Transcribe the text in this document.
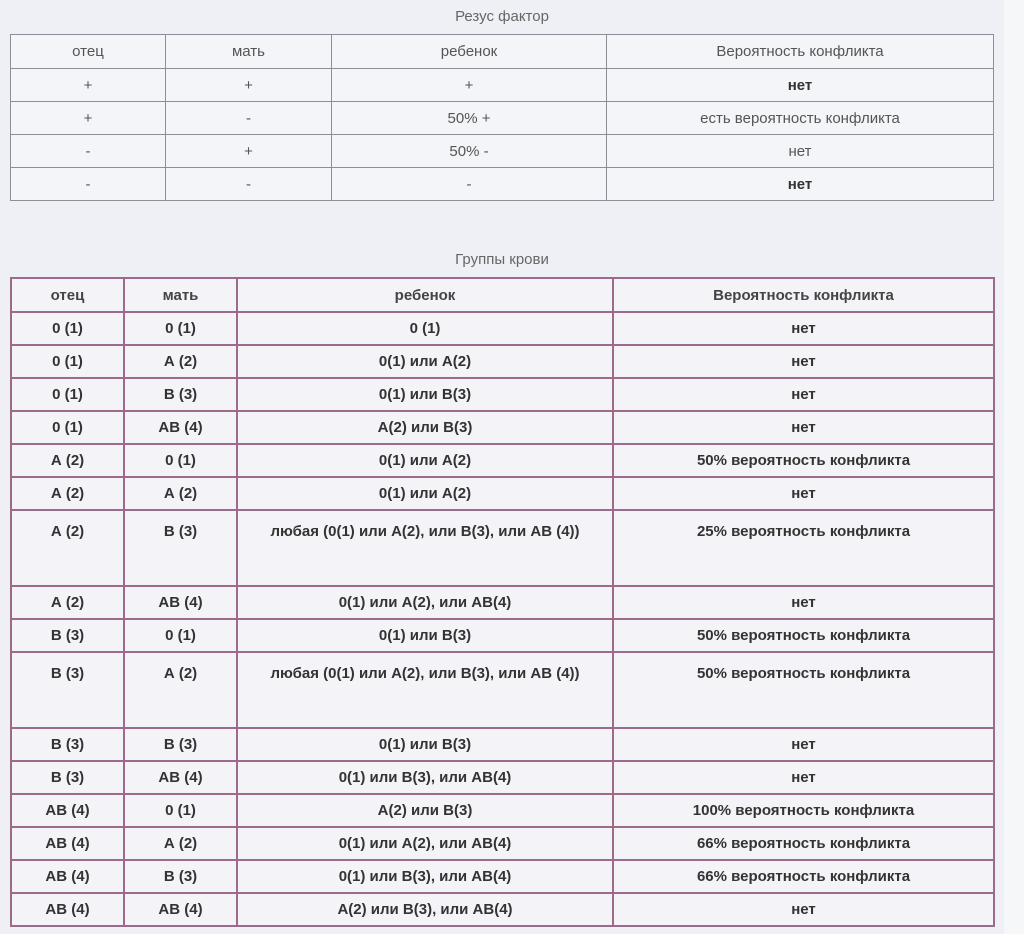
Резус фактор
отец	мать	ребенок	Вероятность конфликта
+	+	+	нет
+	-	50% +	есть вероятность конфликта
-	+	50% -	нет
-	-	-	нет
Группы крови
отец	мать	ребенок	Вероятность конфликта
0 (1)	0 (1)	0 (1)	нет
0 (1)	А (2)	0(1) или А(2)	нет
0 (1)	В (3)	0(1) или В(3)	нет
0 (1)	АВ (4)	А(2) или В(3)	нет
А (2)	0 (1)	0(1) или А(2)	50% вероятность конфликта
А (2)	А (2)	0(1) или А(2)	нет
А (2)	В (3)	любая (0(1) или А(2), или В(3), или АВ (4))	25% вероятность конфликта
А (2)	АВ (4)	0(1) или А(2), или АВ(4)	нет
В (3)	0 (1)	0(1) или В(3)	50% вероятность конфликта
В (3)	А (2)	любая (0(1) или А(2), или В(3), или АВ (4))	50% вероятность конфликта
В (3)	В (3)	0(1) или В(3)	нет
В (3)	АВ (4)	0(1) или В(3), или АВ(4)	нет
АВ (4)	0 (1)	А(2) или В(3)	100% вероятность конфликта
АВ (4)	А (2)	0(1) или А(2), или АВ(4)	66% вероятность конфликта
АВ (4)	В (3)	0(1) или В(3), или АВ(4)	66% вероятность конфликта
АВ (4)	АВ (4)	А(2) или В(3), или АВ(4)	нет
